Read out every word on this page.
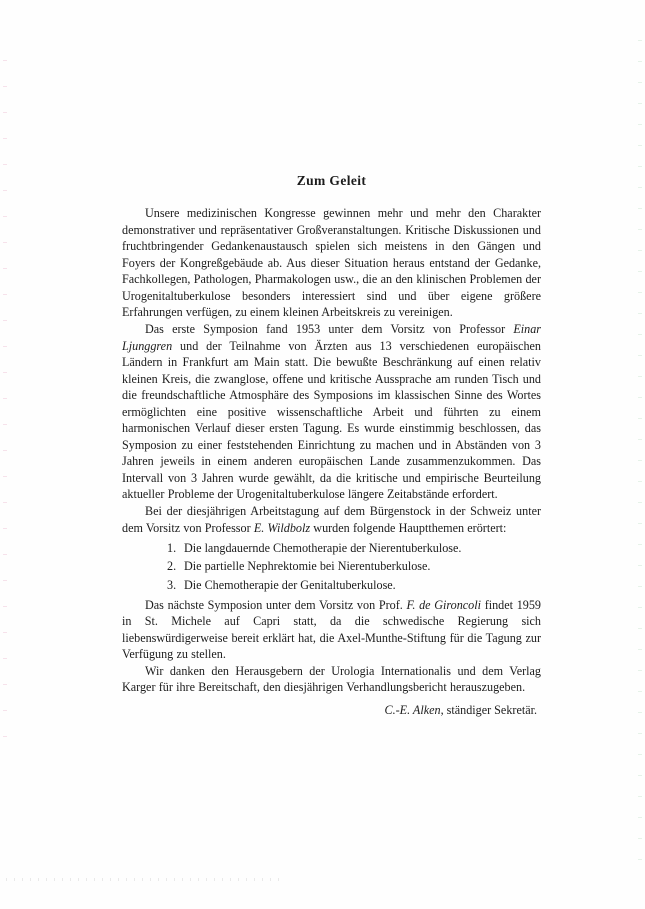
Zum Geleit

Unsere medizinischen Kongresse gewinnen mehr und mehr den Charakter demonstrativer und repräsentativer Großveranstaltungen. Kritische Diskussionen und fruchtbringender Gedankenaustausch spielen sich meistens in den Gängen und Foyers der Kongreßgebäude ab. Aus dieser Situation heraus entstand der Gedanke, Fachkollegen, Pathologen, Pharmakologen usw., die an den klinischen Problemen der Urogenitaltuberkulose besonders interessiert sind und über eigene größere Erfahrungen verfügen, zu einem kleinen Arbeitskreis zu vereinigen.

Das erste Symposion fand 1953 unter dem Vorsitz von Professor Einar Ljunggren und der Teilnahme von Ärzten aus 13 verschiedenen europäischen Ländern in Frankfurt am Main statt. Die bewußte Beschränkung auf einen relativ kleinen Kreis, die zwanglose, offene und kritische Aussprache am runden Tisch und die freundschaftliche Atmosphäre des Symposions im klassischen Sinne des Wortes ermöglichten eine positive wissenschaftliche Arbeit und führten zu einem harmonischen Verlauf dieser ersten Tagung. Es wurde einstimmig beschlossen, das Symposion zu einer feststehenden Einrichtung zu machen und in Abständen von 3 Jahren jeweils in einem anderen europäischen Lande zusammenzukommen. Das Intervall von 3 Jahren wurde gewählt, da die kritische und empirische Beurteilung aktueller Probleme der Urogenitaltuberkulose längere Zeitabstände erfordert.

Bei der diesjährigen Arbeitstagung auf dem Bürgenstock in der Schweiz unter dem Vorsitz von Professor E. Wildbolz wurden folgende Hauptthemen erörtert:

1. Die langdauernde Chemotherapie der Nierentuberkulose.
2. Die partielle Nephrektomie bei Nierentuberkulose.
3. Die Chemotherapie der Genitaltuberkulose.

Das nächste Symposion unter dem Vorsitz von Prof. F. de Gironcoli findet 1959 in St. Michele auf Capri statt, da die schwedische Regierung sich liebenswürdigerweise bereit erklärt hat, die Axel-Munthe-Stiftung für die Tagung zur Verfügung zu stellen.

Wir danken den Herausgebern der Urologia Internationalis und dem Verlag Karger für ihre Bereitschaft, den diesjährigen Verhandlungsbericht herauszugeben.

C.-E. Alken, ständiger Sekretär.
